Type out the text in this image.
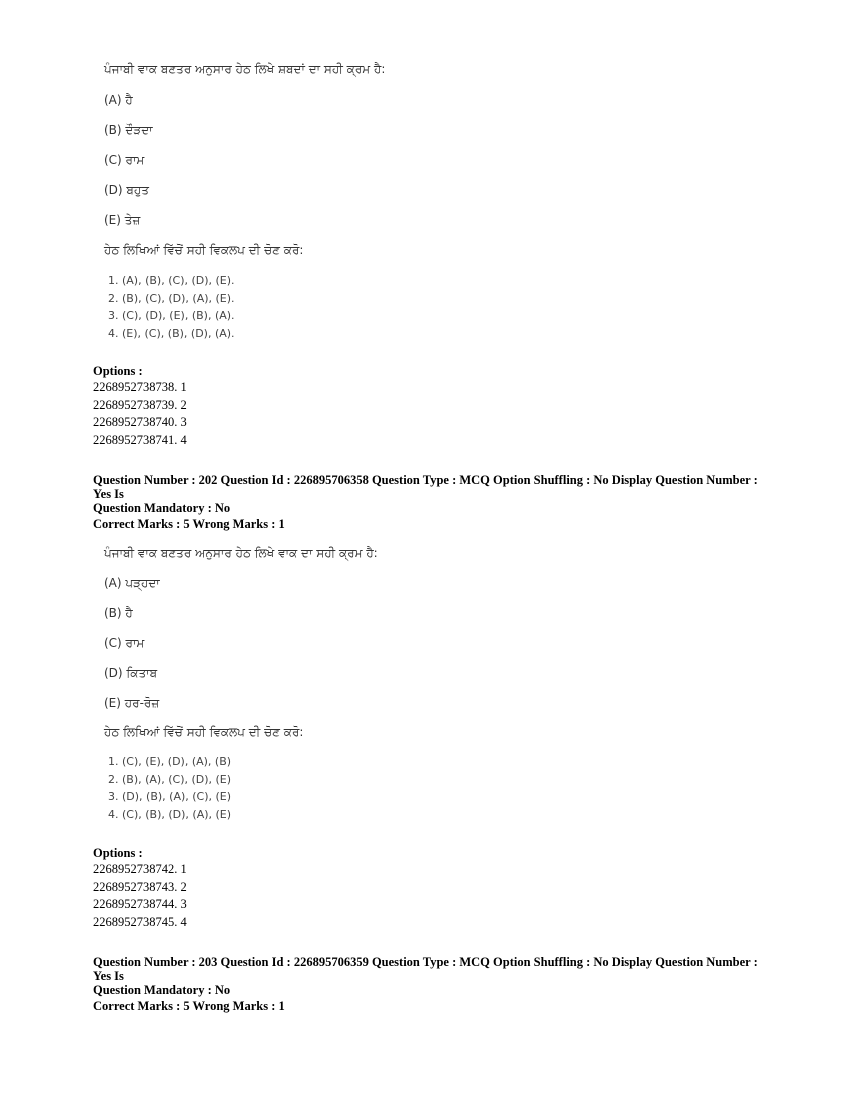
ਪੰਜਾਬੀ ਵਾਕ ਬਣਤਰ ਅਨੁਸਾਰ ਹੇਠ ਲਿਖੇ ਸ਼ਬਦਾਂ ਦਾ ਸਹੀ ਕ੍ਰਮ ਹੈ:
(A) ਹੈ
(B) ਦੌੜਦਾ
(C) ਰਾਮ
(D) ਬਹੁਤ
(E) ਤੇਜ਼
ਹੇਠ ਲਿਖਿਆਂ ਵਿੱਚੋਂ ਸਹੀ ਵਿਕਲਪ ਦੀ ਚੋਣ ਕਰੋ:
1. (A), (B), (C), (D), (E).
2. (B), (C), (D), (A), (E).
3. (C), (D), (E), (B), (A).
4. (E), (C), (B), (D), (A).
Options :
2268952738738. 1
2268952738739. 2
2268952738740. 3
2268952738741. 4
Question Number : 202 Question Id : 226895706358 Question Type : MCQ Option Shuffling : No Display Question Number : Yes Is
Question Mandatory : No
Correct Marks : 5 Wrong Marks : 1
ਪੰਜਾਬੀ ਵਾਕ ਬਣਤਰ ਅਨੁਸਾਰ ਹੇਠ ਲਿਖੇ ਵਾਕ ਦਾ ਸਹੀ ਕ੍ਰਮ ਹੈ:
(A) ਪੜ੍ਹਦਾ
(B) ਹੈ
(C) ਰਾਮ
(D) ਕਿਤਾਬ
(E) ਹਰ-ਰੋਜ਼
ਹੇਠ ਲਿਖਿਆਂ ਵਿੱਚੋਂ ਸਹੀ ਵਿਕਲਪ ਦੀ ਚੋਣ ਕਰੋ:
1. (C), (E), (D), (A), (B)
2. (B), (A), (C), (D), (E)
3. (D), (B), (A), (C), (E)
4. (C), (B), (D), (A), (E)
Options :
2268952738742. 1
2268952738743. 2
2268952738744. 3
2268952738745. 4
Question Number : 203 Question Id : 226895706359 Question Type : MCQ Option Shuffling : No Display Question Number : Yes Is
Question Mandatory : No
Correct Marks : 5 Wrong Marks : 1
